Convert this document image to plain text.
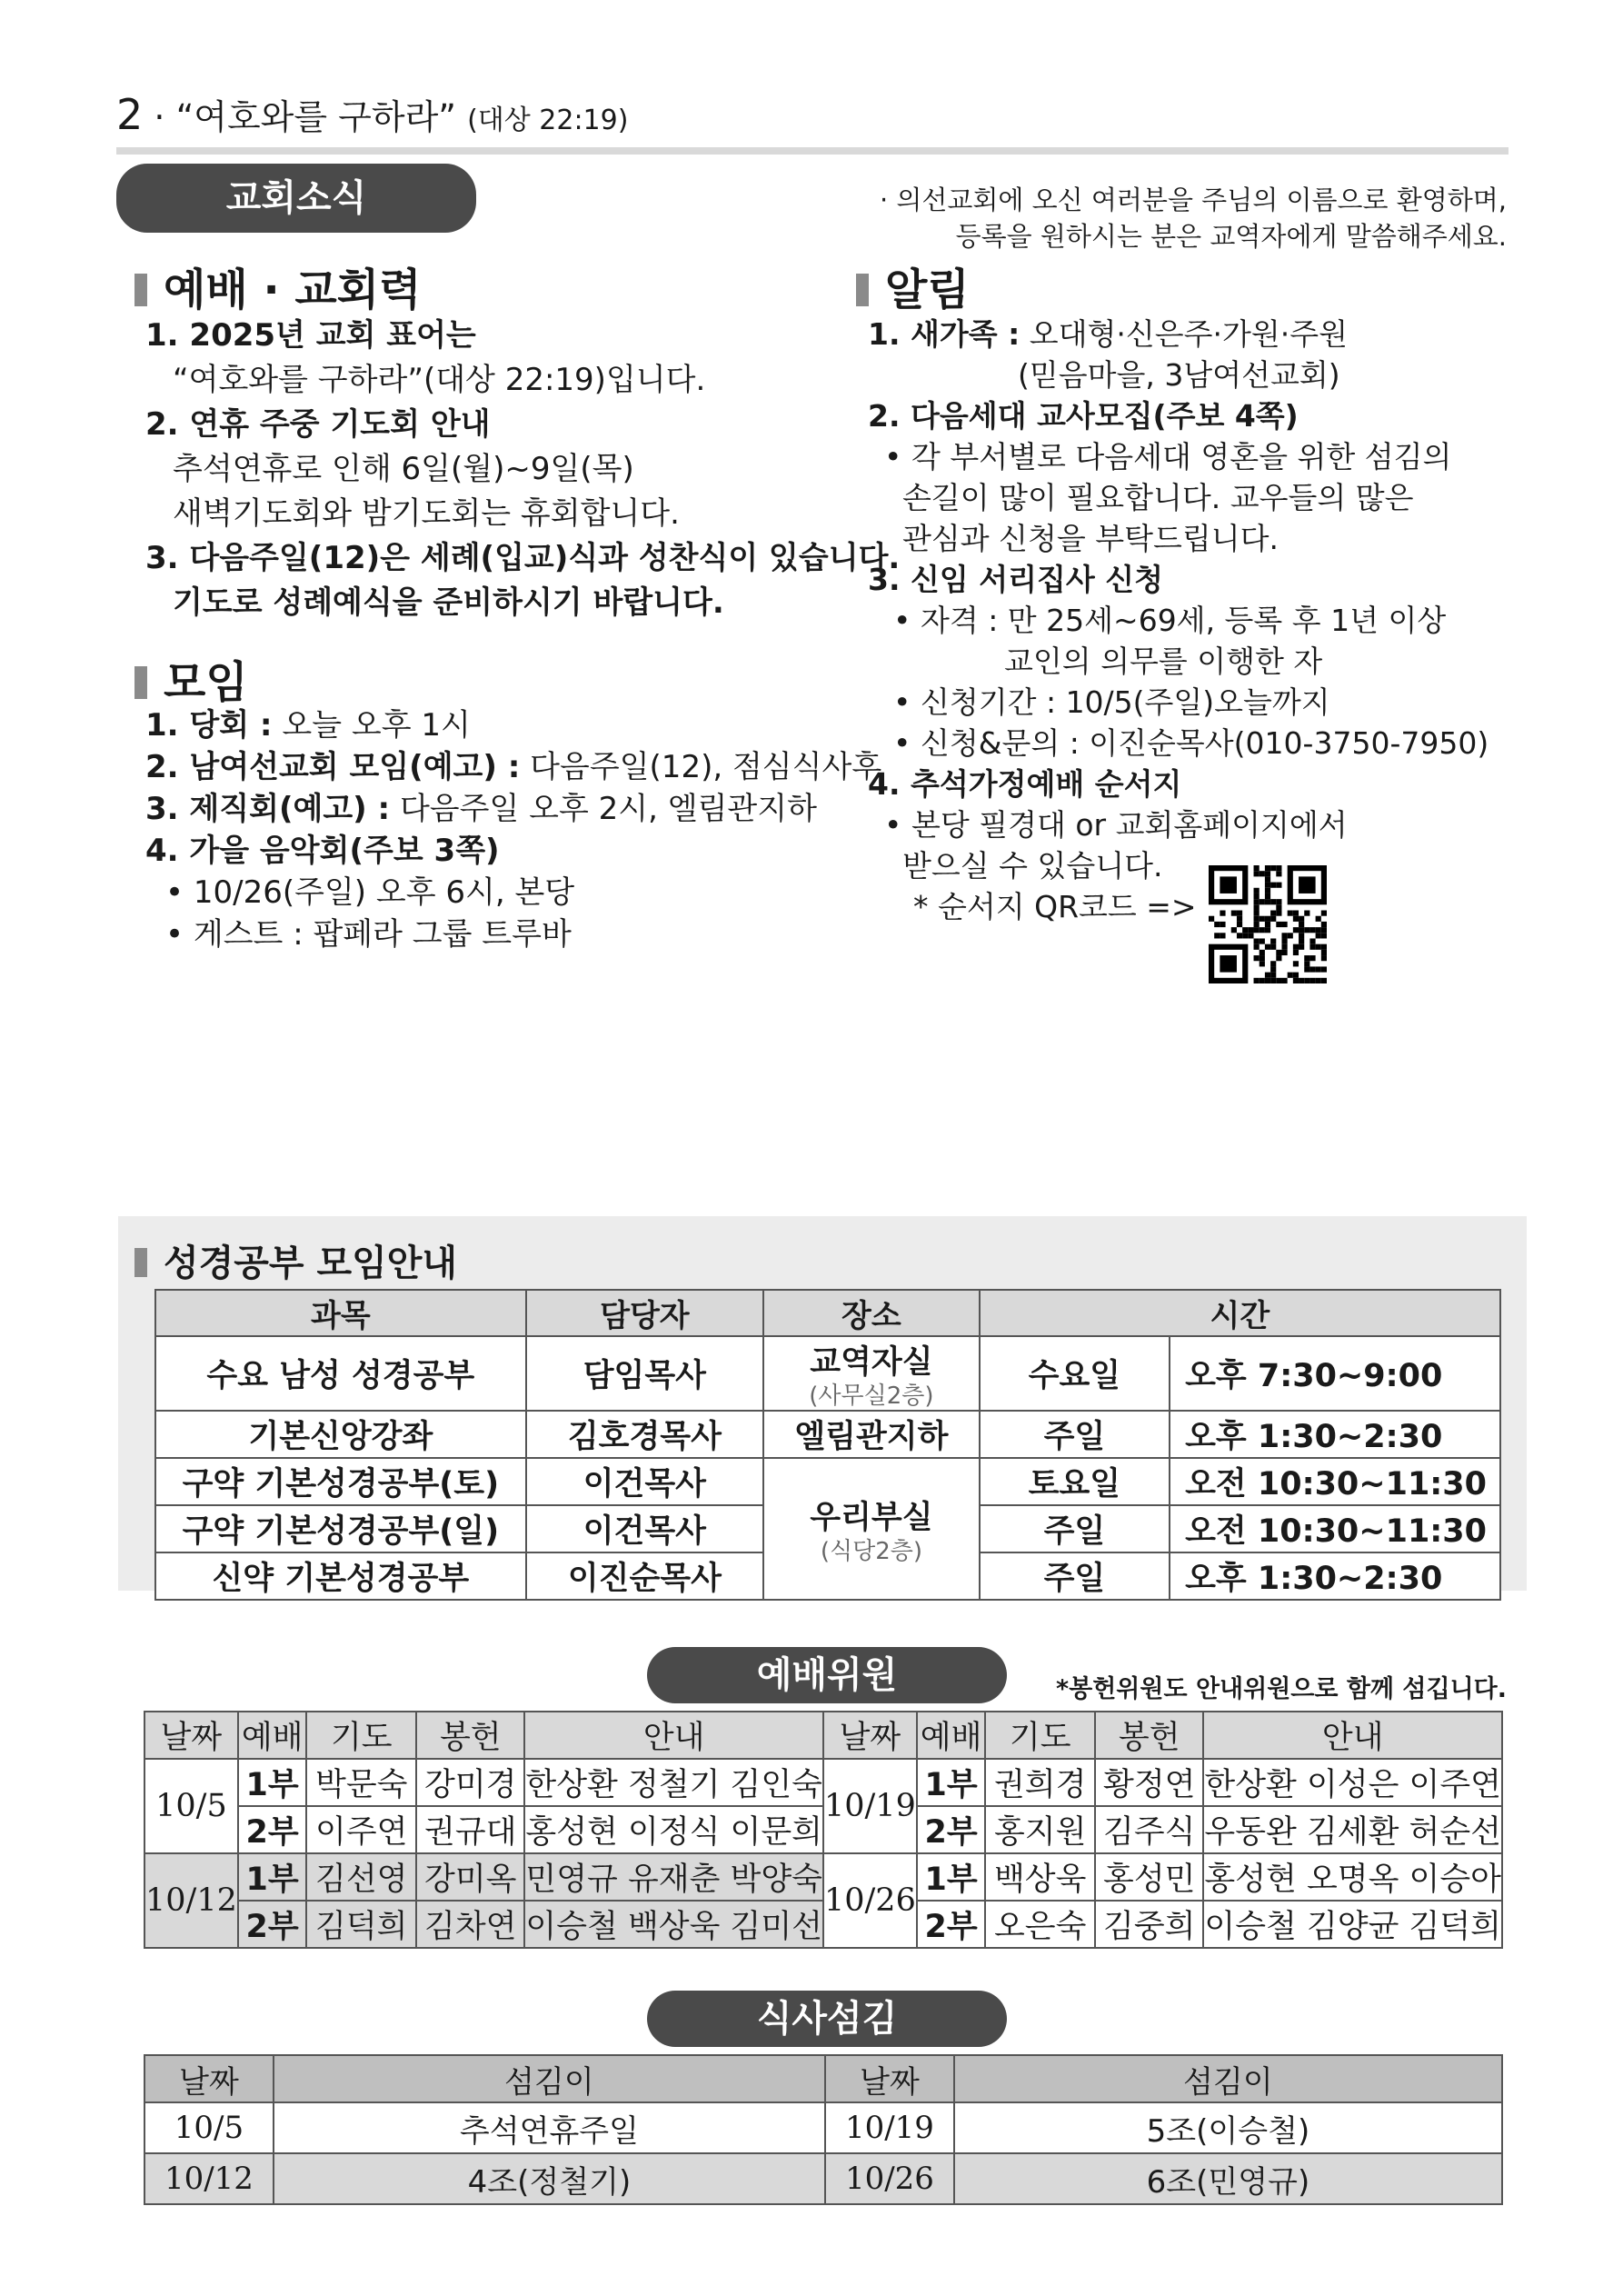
2 · “여호와를 구하라” (대상 22:19)
교회소식	· 의선교회에 오신 여러분을 주님의 이름으로 환영하며,
등록을 원하시는 분은 교역자에게 말씀해주세요.
예배 · 교회력
1. 2025년 교회 표어는
“여호와를 구하라”(대상 22:19)입니다.
2. 연휴 주중 기도회 안내
추석연휴로 인해 6일(월)~9일(목)
새벽기도회와 밤기도회는 휴회합니다.
3. 다음주일(12)은 세례(입교)식과 성찬식이 있습니다.
기도로 성례예식을 준비하시기 바랍니다.
모임
1. 당회 : 오늘 오후 1시
2. 남여선교회 모임(예고) : 다음주일(12), 점심식사후
3. 제직회(예고) : 다음주일 오후 2시, 엘림관지하
4. 가을 음악회(주보 3쪽)
• 10/26(주일) 오후 6시, 본당
• 게스트 : 팝페라 그룹 트루바
알림
1. 새가족 : 오대형·신은주·가원·주원
(믿음마을, 3남여선교회)
2. 다음세대 교사모집(주보 4쪽)
• 각 부서별로 다음세대 영혼을 위한 섬김의
손길이 많이 필요합니다. 교우들의 많은
관심과 신청을 부탁드립니다.
3. 신임 서리집사 신청
• 자격 : 만 25세~69세, 등록 후 1년 이상
교인의 의무를 이행한 자
• 신청기간 : 10/5(주일)오늘까지
• 신청&문의 : 이진순목사(010-3750-7950)
4. 추석가정예배 순서지
• 본당 필경대 or 교회홈페이지에서
받으실 수 있습니다.
* 순서지 QR코드 =>
성경공부 모임안내
과목	담당자	장소	시간	
수요 남성 성경공부	담임목사	교역자실
(사무실2층)	수요일	오후 7:30~9:00
기본신앙강좌	김호경목사	엘림관지하	주일	오후 1:30~2:30
구약 기본성경공부(토)	이건목사	우리부실
(식당2층)	토요일	오전 10:30~11:30
구약 기본성경공부(일)	이건목사		주일	오전 10:30~11:30
신약 기본성경공부	이진순목사		주일	오후 1:30~2:30
예배위원	*봉헌위원도 안내위원으로 함께 섬깁니다.
날짜	예배	기도	봉헌	안내	날짜	예배	기도	봉헌	안내
10/5	1부	박문숙	강미경	한상환 정철기 김인숙	10/19	1부	권희경	황정연	한상환 이성은 이주연
	2부	이주연	권규대	홍성현 이정식 이문희		2부	홍지원	김주식	우동완 김세환 허순선
10/12	1부	김선영	강미옥	민영규 유재춘 박양숙	10/26	1부	백상욱	홍성민	홍성현 오명옥 이승아
	2부	김덕희	김차연	이승철 백상욱 김미선		2부	오은숙	김중희	이승철 김양균 김덕희
식사섬김
날짜	섬김이	날짜	섬김이
10/5	추석연휴주일	10/19	5조(이승철)
10/12	4조(정철기)	10/26	6조(민영규)
